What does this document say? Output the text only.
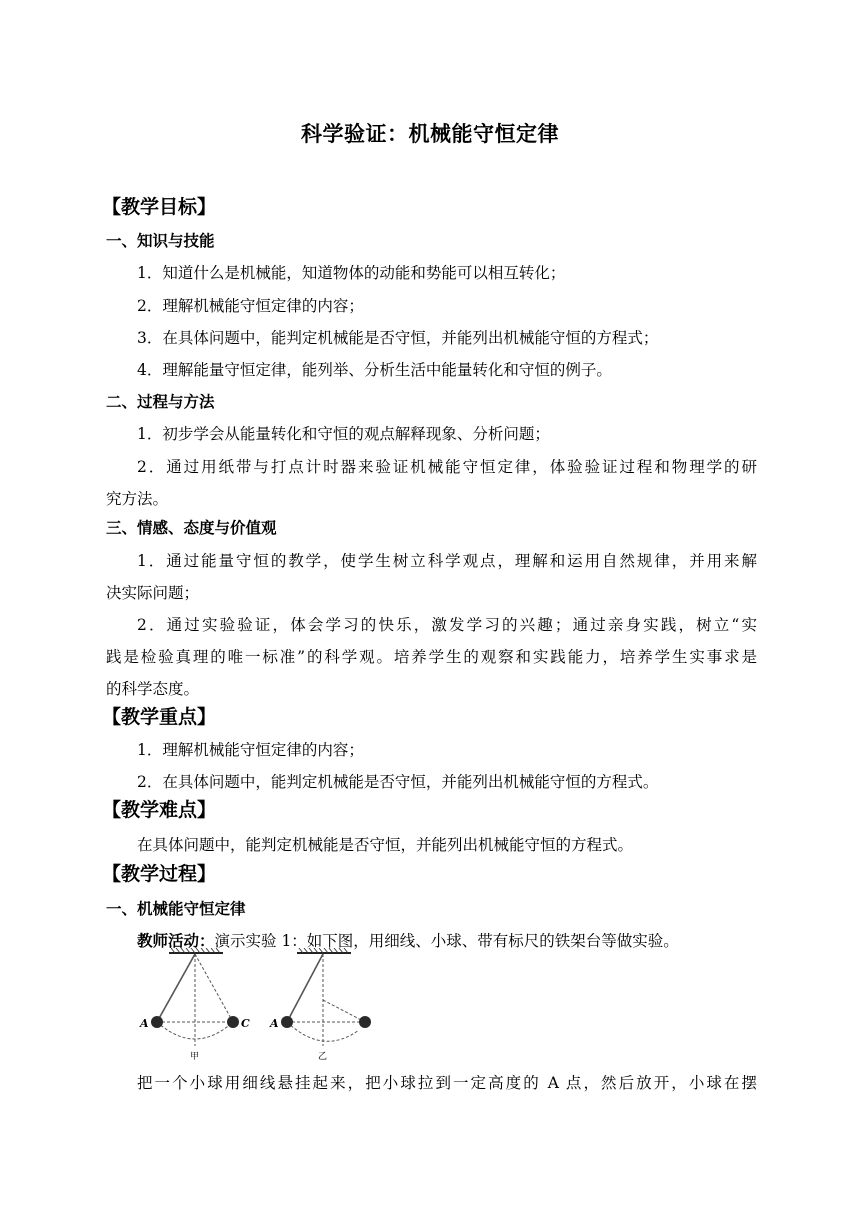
科学验证：机械能守恒定律
【教学目标】
一、知识与技能
1．知道什么是机械能，知道物体的动能和势能可以相互转化；
2．理解机械能守恒定律的内容；
3．在具体问题中，能判定机械能是否守恒，并能列出机械能守恒的方程式；
4．理解能量守恒定律，能列举、分析生活中能量转化和守恒的例子。
二、过程与方法
1．初步学会从能量转化和守恒的观点解释现象、分析问题；
2．通过用纸带与打点计时器来验证机械能守恒定律，体验验证过程和物理学的研
究方法。
三、情感、态度与价值观
1．通过能量守恒的教学，使学生树立科学观点，理解和运用自然规律，并用来解
决实际问题；
2．通过实验验证，体会学习的快乐，激发学习的兴趣；通过亲身实践，树立“实
践是检验真理的唯一标准”的科学观。培养学生的观察和实践能力，培养学生实事求是
的科学态度。
【教学重点】
1．理解机械能守恒定律的内容；
2．在具体问题中，能判定机械能是否守恒，并能列出机械能守恒的方程式。
【教学难点】
在具体问题中，能判定机械能是否守恒，并能列出机械能守恒的方程式。
【教学过程】
一、机械能守恒定律
教师活动：演示实验 1：如下图，用细线、小球、带有标尺的铁架台等做实验。
A	C
甲
A
乙
把一个小球用细线悬挂起来，把小球拉到一定高度的 A 点，然后放开，小球在摆
